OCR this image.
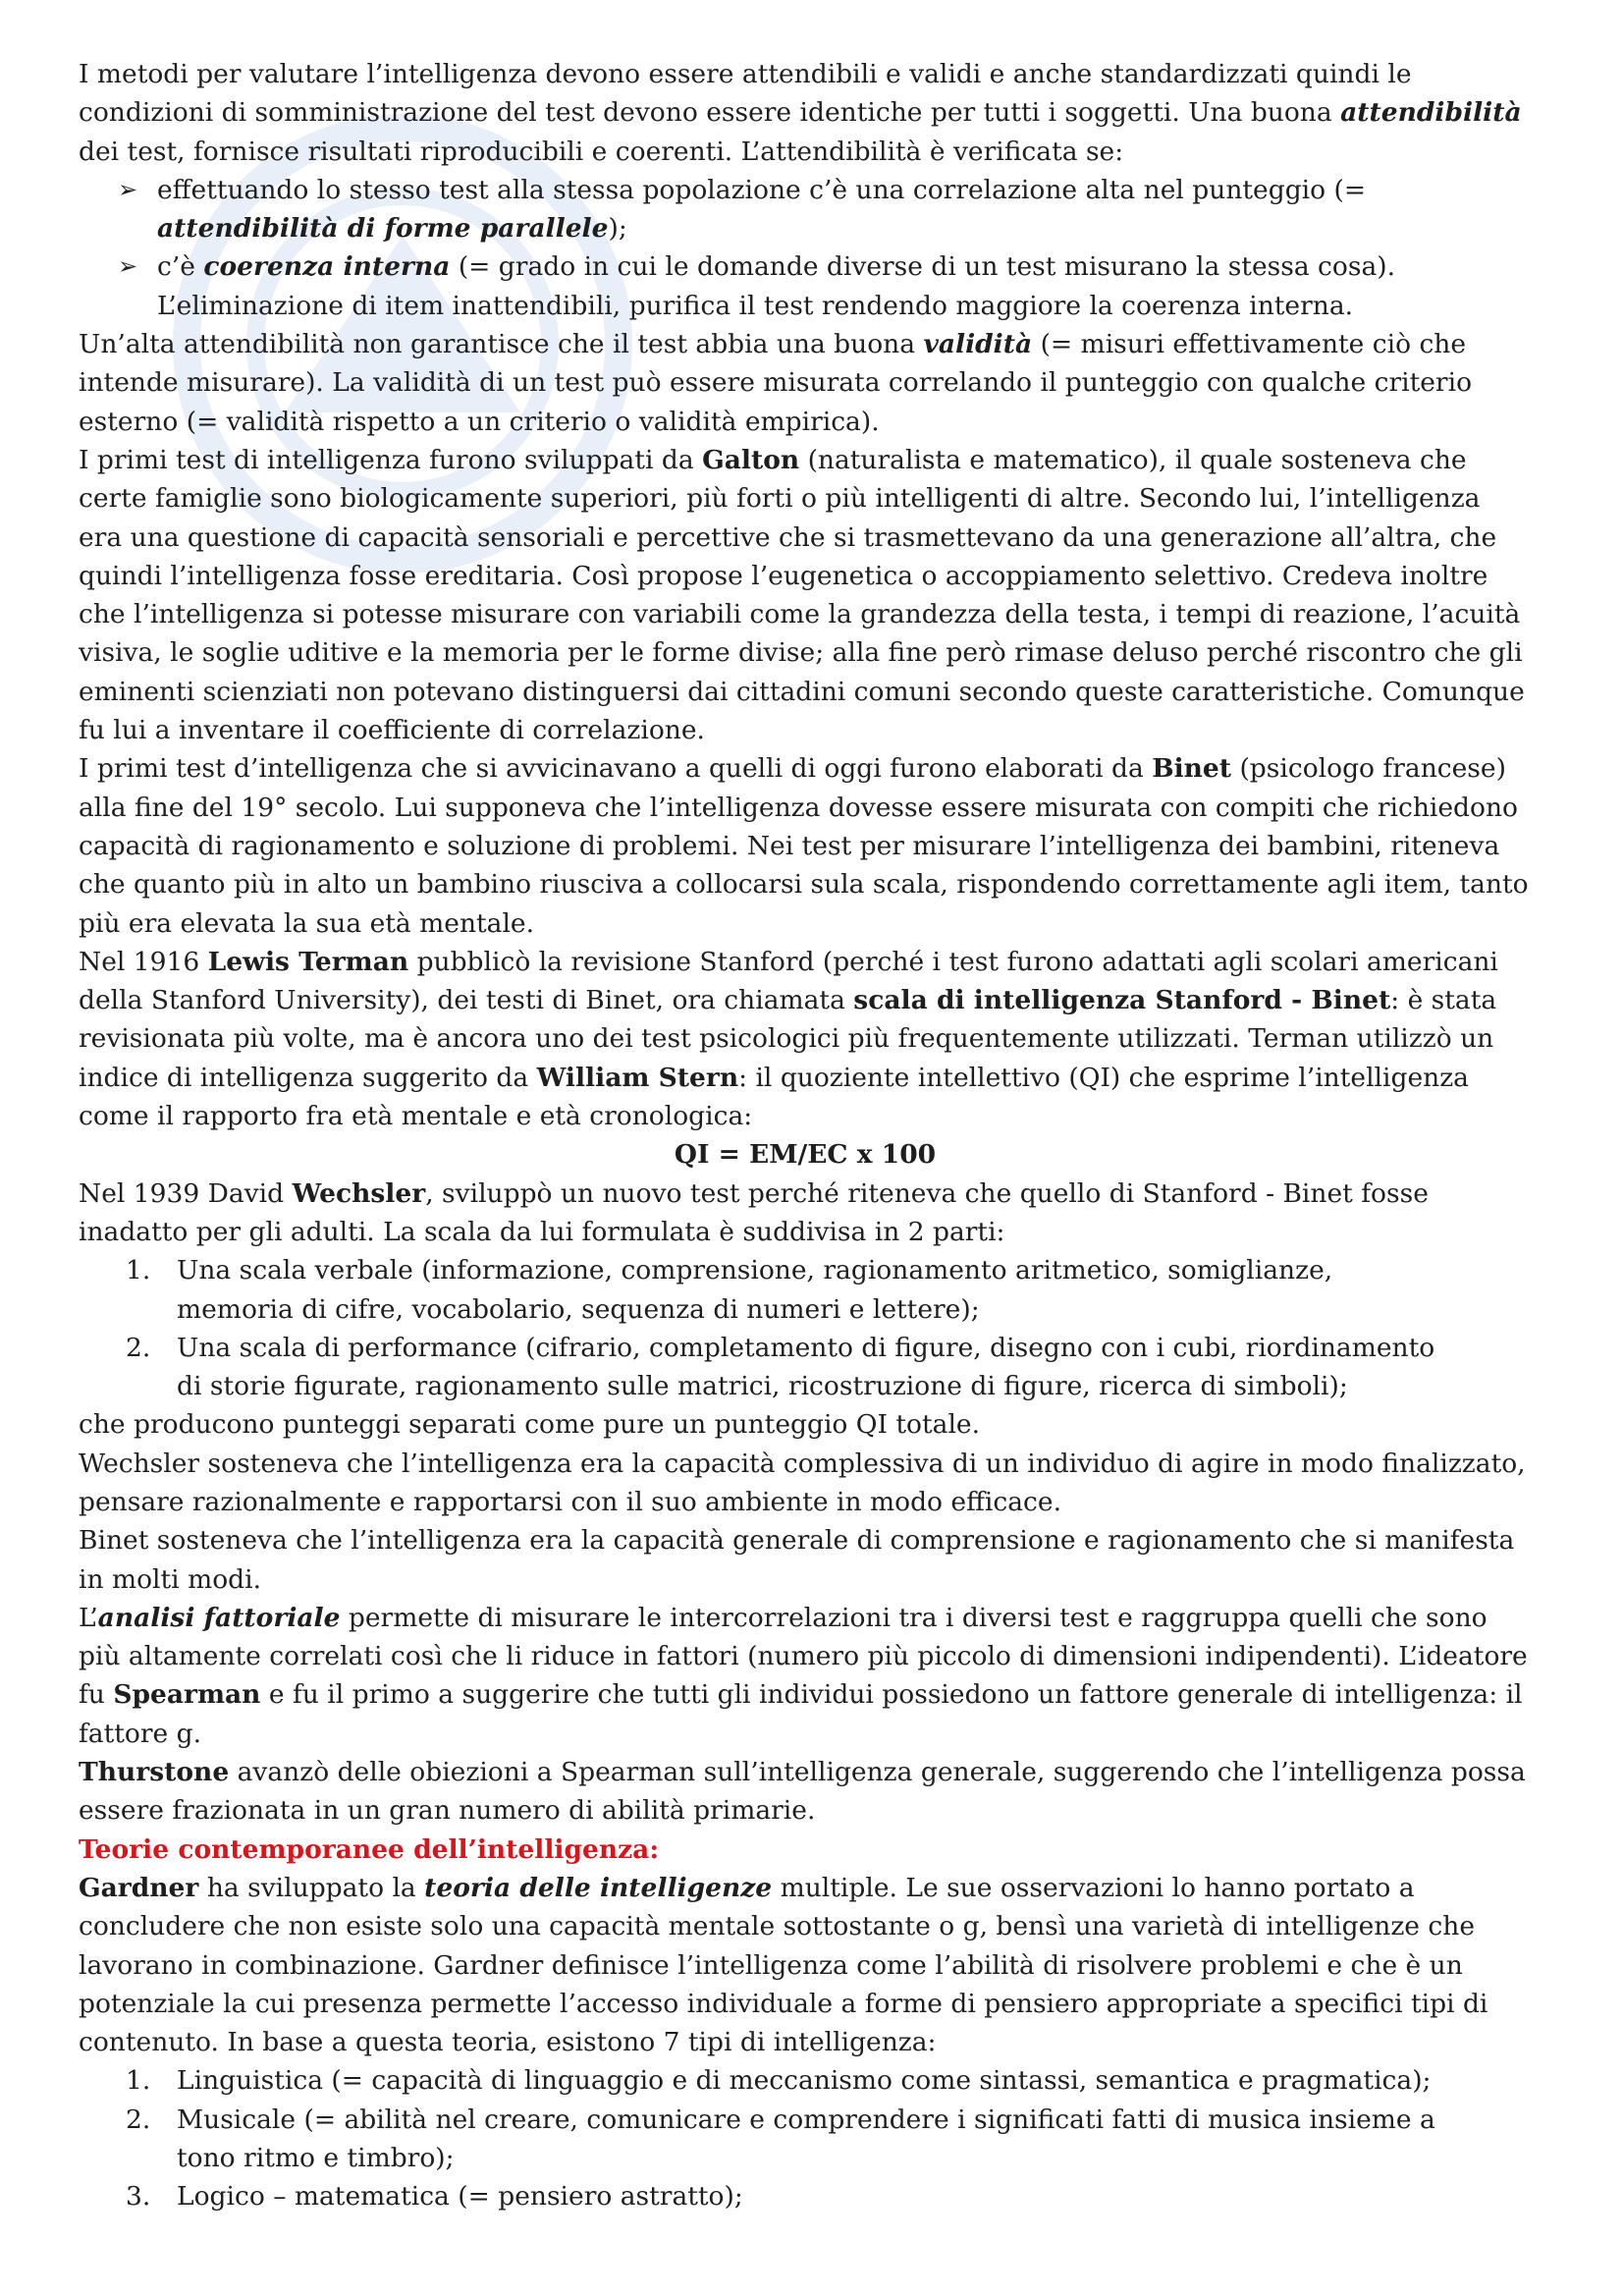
I metodi per valutare l’intelligenza devono essere attendibili e validi e anche standardizzati quindi le condizioni di somministrazione del test devono essere identiche per tutti i soggetti. Una buona attendibilità dei test, fornisce risultati riproducibili e coerenti. L’attendibilità è verificata se:

➢ effettuando lo stesso test alla stessa popolazione c’è una correlazione alta nel punteggio (= attendibilità di forme parallele);
➢ c’è coerenza interna (= grado in cui le domande diverse di un test misurano la stessa cosa).
L’eliminazione di item inattendibili, purifica il test rendendo maggiore la coerenza interna.

Un’alta attendibilità non garantisce che il test abbia una buona validità (= misuri effettivamente ciò che intende misurare). La validità di un test può essere misurata correlando il punteggio con qualche criterio esterno (= validità rispetto a un criterio o validità empirica).

I primi test di intelligenza furono sviluppati da Galton (naturalista e matematico), il quale sosteneva che certe famiglie sono biologicamente superiori, più forti o più intelligenti di altre. Secondo lui, l’intelligenza era una questione di capacità sensoriali e percettive che si trasmettevano da una generazione all’altra, che quindi l’intelligenza fosse ereditaria. Così propose l’eugenetica o accoppiamento selettivo. Credeva inoltre che l’intelligenza si potesse misurare con variabili come la grandezza della testa, i tempi di reazione, l’acuità visiva, le soglie uditive e la memoria per le forme divise; alla fine però rimase deluso perché riscontro che gli eminenti scienziati non potevano distinguersi dai cittadini comuni secondo queste caratteristiche. Comunque fu lui a inventare il coefficiente di correlazione.

I primi test d’intelligenza che si avvicinavano a quelli di oggi furono elaborati da Binet (psicologo francese) alla fine del 19° secolo. Lui supponeva che l’intelligenza dovesse essere misurata con compiti che richiedono capacità di ragionamento e soluzione di problemi. Nei test per misurare l’intelligenza dei bambini, riteneva che quanto più in alto un bambino riusciva a collocarsi sula scala, rispondendo correttamente agli item, tanto più era elevata la sua età mentale.

Nel 1916 Lewis Terman pubblicò la revisione Stanford (perché i test furono adattati agli scolari americani della Stanford University), dei testi di Binet, ora chiamata scala di intelligenza Stanford - Binet: è stata revisionata più volte, ma è ancora uno dei test psicologici più frequentemente utilizzati. Terman utilizzò un indice di intelligenza suggerito da William Stern: il quoziente intellettivo (QI) che esprime l’intelligenza come il rapporto fra età mentale e età cronologica:

QI = EM/EC x 100

Nel 1939 David Wechsler, sviluppò un nuovo test perché riteneva che quello di Stanford - Binet fosse inadatto per gli adulti. La scala da lui formulata è suddivisa in 2 parti:

1.	Una scala verbale (informazione, comprensione, ragionamento aritmetico, somiglianze,
memoria di cifre, vocabolario, sequenza di numeri e lettere);
2.	Una scala di performance (cifrario, completamento di figure, disegno con i cubi, riordinamento
di storie figurate, ragionamento sulle matrici, ricostruzione di figure, ricerca di simboli);

che producono punteggi separati come pure un punteggio QI totale.

Wechsler sosteneva che l’intelligenza era la capacità complessiva di un individuo di agire in modo finalizzato, pensare razionalmente e rapportarsi con il suo ambiente in modo efficace.

Binet sosteneva che l’intelligenza era la capacità generale di comprensione e ragionamento che si manifesta in molti modi.

L’analisi fattoriale permette di misurare le intercorrelazioni tra i diversi test e raggruppa quelli che sono più altamente correlati così che li riduce in fattori (numero più piccolo di dimensioni indipendenti). L’ideatore fu Spearman e fu il primo a suggerire che tutti gli individui possiedono un fattore generale di intelligenza: il fattore g.

Thurstone avanzò delle obiezioni a Spearman sull’intelligenza generale, suggerendo che l’intelligenza possa essere frazionata in un gran numero di abilità primarie.

Teorie contemporanee dell’intelligenza:

Gardner ha sviluppato la teoria delle intelligenze multiple. Le sue osservazioni lo hanno portato a concludere che non esiste solo una capacità mentale sottostante o g, bensì una varietà di intelligenze che lavorano in combinazione. Gardner definisce l’intelligenza come l’abilità di risolvere problemi e che è un potenziale la cui presenza permette l’accesso individuale a forme di pensiero appropriate a specifici tipi di contenuto. In base a questa teoria, esistono 7 tipi di intelligenza:

1.	Linguistica (= capacità di linguaggio e di meccanismo come sintassi, semantica e pragmatica);
2.	Musicale (= abilità nel creare, comunicare e comprendere i significati fatti di musica insieme a
tono ritmo e timbro);
3.	Logico – matematica (= pensiero astratto);
